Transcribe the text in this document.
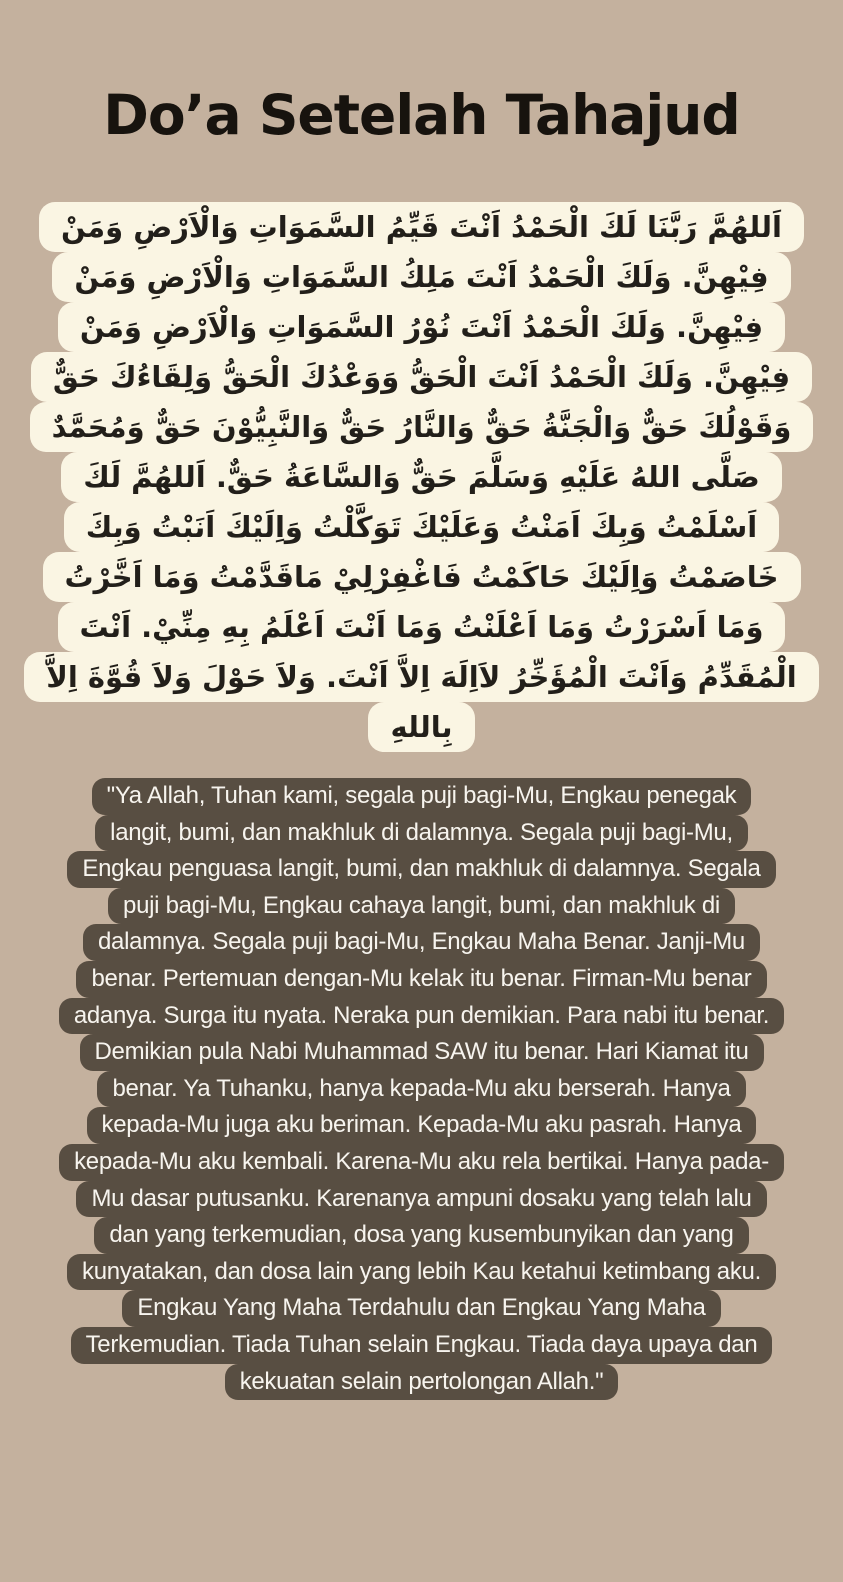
Do’a Setelah Tahajud
اَللهُمَّ رَبَّنَا لَكَ الْحَمْدُ اَنْتَ قَيِّمُ السَّمَوَاتِ وَالْاَرْضِ وَمَنْ
فِيْهِنَّ. وَلَكَ الْحَمْدُ اَنْتَ مَلِكُ السَّمَوَاتِ وَالْاَرْضِ وَمَنْ
فِيْهِنَّ. وَلَكَ الْحَمْدُ اَنْتَ نُوْرُ السَّمَوَاتِ وَالْاَرْضِ وَمَنْ
فِيْهِنَّ. وَلَكَ الْحَمْدُ اَنْتَ الْحَقُّ وَوَعْدُكَ الْحَقُّ وَلِقَاءُكَ حَقٌّ
وَقَوْلُكَ حَقٌّ وَالْجَنَّةُ حَقٌّ وَالنَّارُ حَقٌّ وَالنَّبِيُّوْنَ حَقٌّ وَمُحَمَّدٌ
صَلَّى اللهُ عَلَيْهِ وَسَلَّمَ حَقٌّ وَالسَّاعَةُ حَقٌّ. اَللهُمَّ لَكَ
اَسْلَمْتُ وَبِكَ اَمَنْتُ وَعَلَيْكَ تَوَكَّلْتُ وَاِلَيْكَ اَنَبْتُ وَبِكَ
خَاصَمْتُ وَاِلَيْكَ حَاكَمْتُ فَاغْفِرْلِيْ مَاقَدَّمْتُ وَمَا اَخَّرْتُ
وَمَا اَسْرَرْتُ وَمَا اَعْلَنْتُ وَمَا اَنْتَ اَعْلَمُ بِهِ مِنِّيْ. اَنْتَ
الْمُقَدِّمُ وَاَنْتَ الْمُؤَخِّرُ لاَاِلَهَ اِلاَّ اَنْتَ. وَلاَ حَوْلَ وَلاَ قُوَّةَ اِلاَّ
بِاللهِ
"Ya Allah, Tuhan kami, segala puji bagi-Mu, Engkau penegak
langit, bumi, dan makhluk di dalamnya. Segala puji bagi-Mu,
Engkau penguasa langit, bumi, dan makhluk di dalamnya. Segala
puji bagi-Mu, Engkau cahaya langit, bumi, dan makhluk di
dalamnya. Segala puji bagi-Mu, Engkau Maha Benar. Janji-Mu
benar. Pertemuan dengan-Mu kelak itu benar. Firman-Mu benar
adanya. Surga itu nyata. Neraka pun demikian. Para nabi itu benar.
Demikian pula Nabi Muhammad SAW itu benar. Hari Kiamat itu
benar. Ya Tuhanku, hanya kepada-Mu aku berserah. Hanya
kepada-Mu juga aku beriman. Kepada-Mu aku pasrah. Hanya
kepada-Mu aku kembali. Karena-Mu aku rela bertikai. Hanya pada-
Mu dasar putusanku. Karenanya ampuni dosaku yang telah lalu
dan yang terkemudian, dosa yang kusembunyikan dan yang
kunyatakan, dan dosa lain yang lebih Kau ketahui ketimbang aku.
Engkau Yang Maha Terdahulu dan Engkau Yang Maha
Terkemudian. Tiada Tuhan selain Engkau. Tiada daya upaya dan
kekuatan selain pertolongan Allah."
